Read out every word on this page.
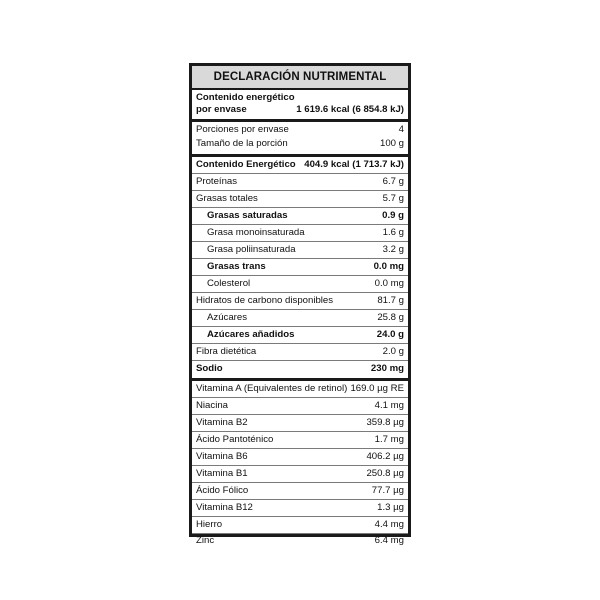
DECLARACIÓN NUTRIMENTAL
Contenido energético
por envase	1 619.6 kcal (6 854.8 kJ)
Porciones por envase	4
Tamaño de la porción	100 g
Contenido Energético 404.9 kcal (1 713.7 kJ)
Proteínas	6.7 g
Grasas totales	5.7 g
Grasas saturadas	0.9 g
Grasa monoinsaturada	1.6 g
Grasa poliinsaturada	3.2 g
Grasas trans	0.0 mg
Colesterol	0.0 mg
Hidratos de carbono disponibles	81.7 g
Azúcares	25.8 g
Azúcares añadidos	24.0 g
Fibra dietética	2.0 g
Sodio	230 mg
Vitamina A (Equivalentes de retinol) 169.0 µg RE
Niacina	4.1 mg
Vitamina B2	359.8 µg
Ácido Pantoténico	1.7 mg
Vitamina B6	406.2 µg
Vitamina B1	250.8 µg
Ácido Fólico	77.7 µg
Vitamina B12	1.3 µg
Hierro	4.4 mg
Zinc	6.4 mg
